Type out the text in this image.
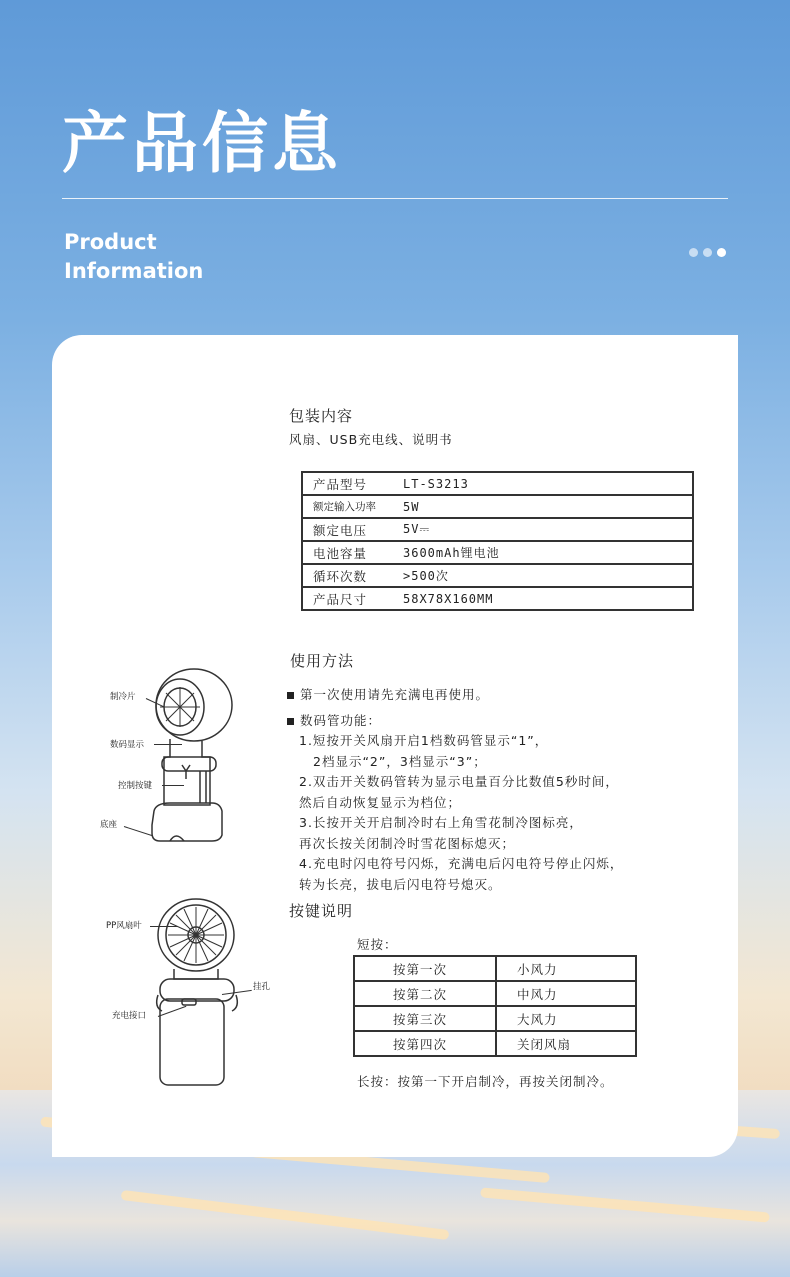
产品信息
Product
Information
包装内容
风扇、USB充电线、说明书
产品型号	LT-S3213
额定输入功率	5W
额定电压	5V⎓
电池容量	3600mAh锂电池
循环次数	>500次
产品尺寸	58X78X160MM
使用方法
第一次使用请先充满电再使用。
数码管功能：
1.短按开关风扇开启1档数码管显示“1”，
2档显示“2”，3档显示“3”；
2.双击开关数码管转为显示电量百分比数值5秒时间，
然后自动恢复显示为档位；
3.长按开关开启制冷时右上角雪花制冷图标亮，
再次长按关闭制冷时雪花图标熄灭；
4.充电时闪电符号闪烁，充满电后闪电符号停止闪烁，
转为长亮，拔电后闪电符号熄灭。
按键说明
短按：
按第一次	小风力
按第二次	中风力
按第三次	大风力
按第四次	关闭风扇
长按：按第一下开启制冷，再按关闭制冷。
制冷片
数码显示
控制按键
底座
PP风扇叶
挂孔
充电接口
